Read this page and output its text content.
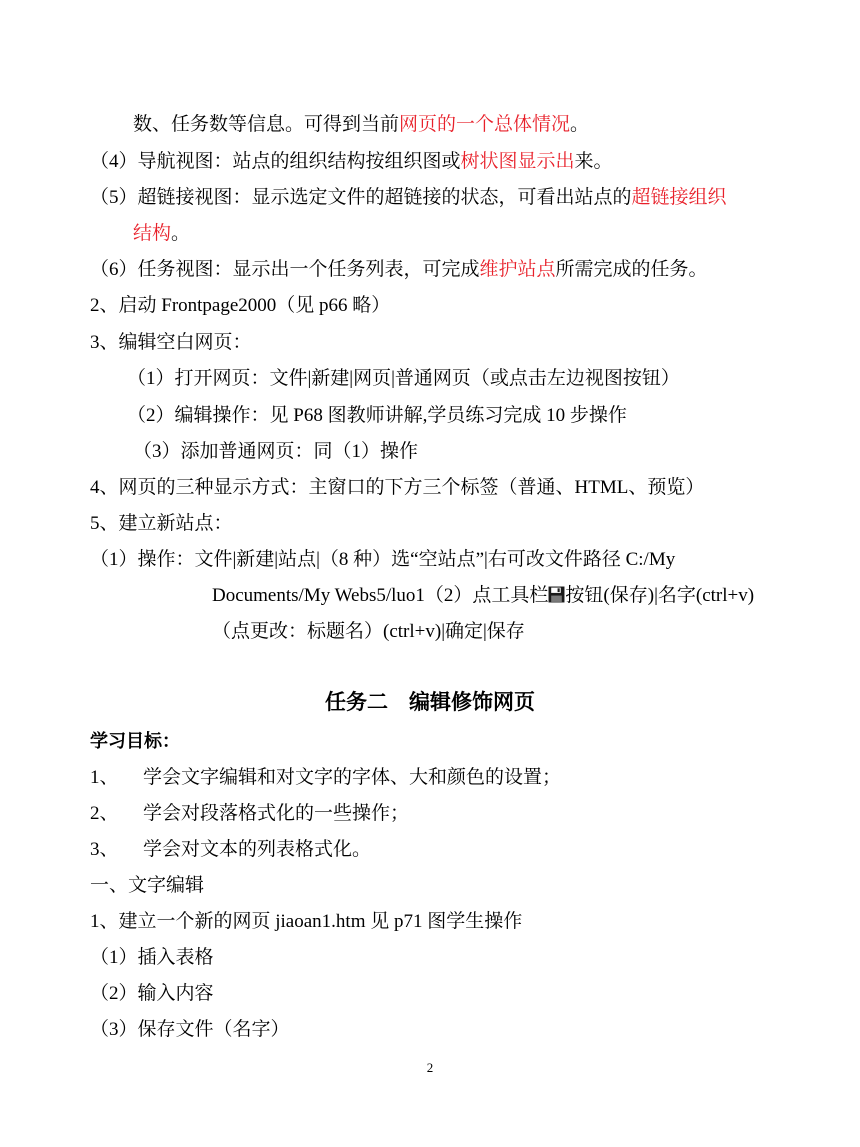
数、任务数等信息。可得到当前网页的一个总体情况。
（4）导航视图：站点的组织结构按组织图或树状图显示出来。
（5）超链接视图：显示选定文件的超链接的状态，可看出站点的超链接组织
结构。
（6）任务视图：显示出一个任务列表，可完成维护站点所需完成的任务。
2、启动 Frontpage2000（见 p66 略）
3、编辑空白网页：
（1）打开网页：文件|新建|网页|普通网页（或点击左边视图按钮）
（2）编辑操作：见 P68 图教师讲解,学员练习完成 10 步操作
（3）添加普通网页：同（1）操作
4、网页的三种显示方式：主窗口的下方三个标签（普通、HTML、预览）
5、建立新站点：
（1）操作：文件|新建|站点|（8 种）选“空站点”|右可改文件路径 C:/My
Documents/My Webs5/luo1（2）点工具栏 按钮(保存)|名字(ctrl+v)
（点更改：标题名）(ctrl+v)|确定|保存
任务二　编辑修饰网页
学习目标：
1、 学会文字编辑和对文字的字体、大和颜色的设置；
2、 学会对段落格式化的一些操作；
3、 学会对文本的列表格式化。
一、文字编辑
1、建立一个新的网页 jiaoan1.htm 见 p71 图学生操作
（1）插入表格
（2）输入内容
（3）保存文件（名字）
2
